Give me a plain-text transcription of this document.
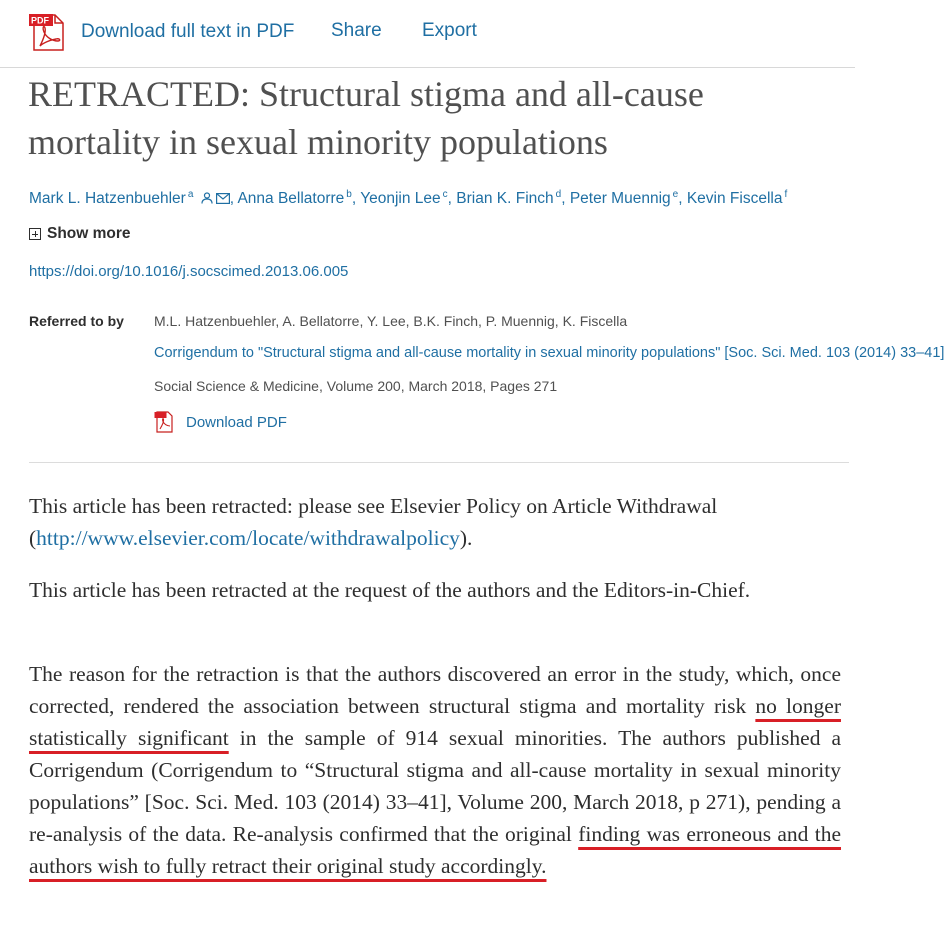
PDF
Download full text in PDF Share Export
RETRACTED: Structural stigma and all-cause mortality in sexual minority populations
Mark L. Hatzenbuehler $^a$ , Anna Bellatorre $^b$, Yeonjin Lee $^c$, Brian K. Finch $^d$, Peter Muennig $^e$, Kevin Fiscella $^f$
Show more
https://doi.org/10.1016/j.socscimed.2013.06.005
Referred to by M.L. Hatzenbuehler, A. Bellatorre, Y. Lee, B.K. Finch, P. Muennig, K. Fiscella
Corrigendum to "Structural stigma and all-cause mortality in sexual minority populations" [Soc. Sci. Med. 103 (2014) 33–41]
Social Science & Medicine, Volume 200, March 2018, Pages 271
Download PDF

This article has been retracted: please see Elsevier Policy on Article Withdrawal (http://www.elsevier.com/locate/withdrawalpolicy).

This article has been retracted at the request of the authors and the Editors-in-Chief.

The reason for the retraction is that the authors discovered an error in the study, which, once corrected, rendered the association between structural stigma and mortality risk no longer statistically significant in the sample of 914 sexual minorities. The authors published a Corrigendum (Corrigendum to “Structural stigma and all-cause mortality in sexual minority populations” [Soc. Sci. Med. 103 (2014) 33–41], Volume 200, March 2018, p 271), pending a re-analysis of the data. Re-analysis confirmed that the original finding was erroneous and the authors wish to fully retract their original study accordingly.
